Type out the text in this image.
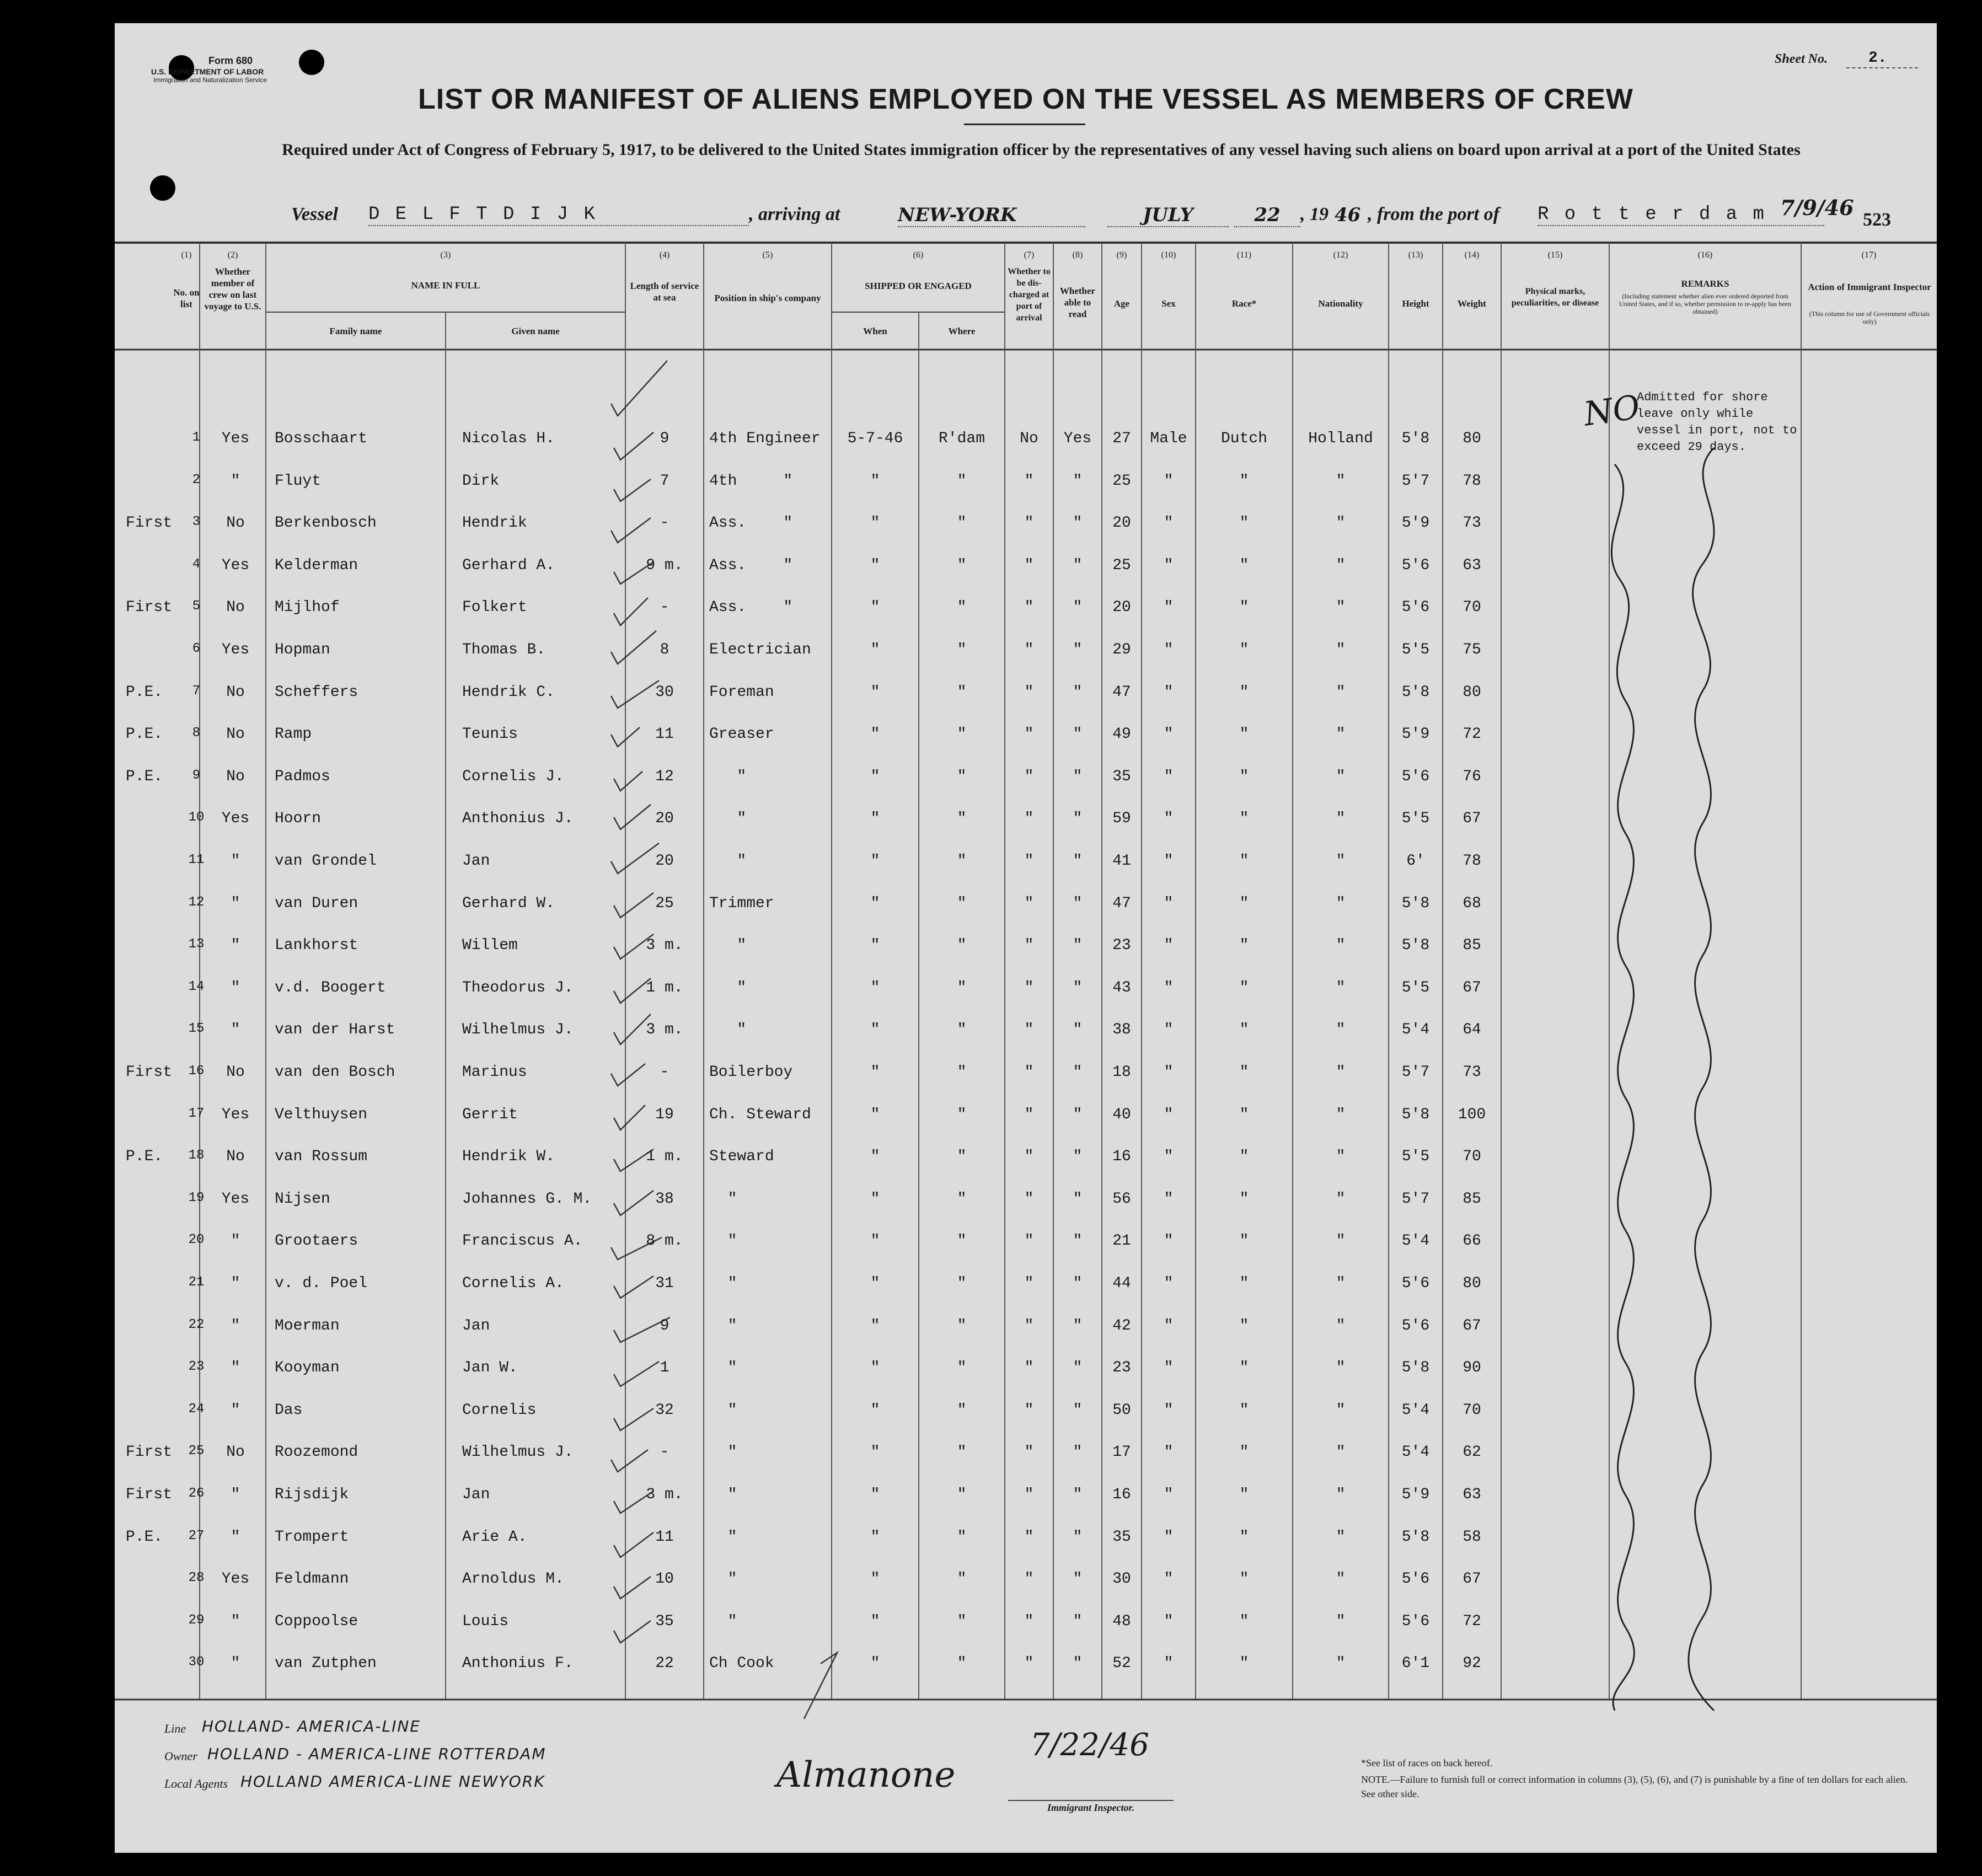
Form 680
U.S. DEPARTMENT OF LABOR
Immigration and Naturalization Service
Sheet No.	2.
LIST OR MANIFEST OF ALIENS EMPLOYED ON THE VESSEL AS MEMBERS OF CREW
Required under Act of Congress of February 5, 1917, to be delivered to the United States immigration officer by the representatives of any vessel having such aliens on board upon arrival at a port of the United States
Vessel D E L F T D I J K	, arriving at	NEW-YORK	JULY	22	, 19 46 , from the port of R o t t e r d a m 7/9/46 523
(1)	(2)	(3)	(4)	(5)	(6)	(7)	(8)	(9)	(10)	(11)	(12)	(13)	(14)	(15)	(16)	(17)
No. on list
Whether member of crew on last voyage to U.S.
NAME IN FULL
Family name	Given name
Length of service at sea	Position in ship's company
SHIPPED OR ENGAGED
When	Where
Whether to be dis-charged at port of arrival
Whether able to read
Age	Sex	Race*	Nationality	Height	Weight
Physical marks, peculiarities, or disease
REMARKS
(Including statement whether alien ever ordered deported from United States, and if so, whether permission to re-apply has been obtained)
Action of Immigrant Inspector
(This column for use of Government officials only)
1	Yes	Bosschaart	Nicolas H.	9	4th Engineer	5-7-46	R'dam	No	Yes	27	Male	Dutch	Holland	5'8	80
2	"	Fluyt	Dirk	7	4th     "	"	"	"	"	25	"	"	"	5'7	78
First	3	No	Berkenbosch	Hendrik	-	Ass.    "	"	"	"	"	20	"	"	"	5'9	73
4	Yes	Kelderman	Gerhard A.	9 m.	Ass.    "	"	"	"	"	25	"	"	"	5'6	63
First	5	No	Mijlhof	Folkert	-	Ass.    "	"	"	"	"	20	"	"	"	5'6	70
6	Yes	Hopman	Thomas B.	8	Electrician	"	"	"	"	29	"	"	"	5'5	75
P.E.	7	No	Scheffers	Hendrik C.	30	Foreman	"	"	"	"	47	"	"	"	5'8	80
P.E.	8	No	Ramp	Teunis	11	Greaser	"	"	"	"	49	"	"	"	5'9	72
P.E.	9	No	Padmos	Cornelis J.	12	"	"	"	"	"	35	"	"	"	5'6	76
10	Yes	Hoorn	Anthonius J.	20	"	"	"	"	"	59	"	"	"	5'5	67
11	"	van Grondel	Jan	20	"	"	"	"	"	41	"	"	"	6'	78
12	"	van Duren	Gerhard W.	25	Trimmer	"	"	"	"	47	"	"	"	5'8	68
13	"	Lankhorst	Willem	3 m.	"	"	"	"	"	23	"	"	"	5'8	85
14	"	v.d. Boogert	Theodorus J.	1 m.	"	"	"	"	"	43	"	"	"	5'5	67
15	"	van der Harst	Wilhelmus J.	3 m.	"	"	"	"	"	38	"	"	"	5'4	64
First	16	No	van den Bosch	Marinus	-	Boilerboy	"	"	"	"	18	"	"	"	5'7	73
17	Yes	Velthuysen	Gerrit	19	Ch. Steward	"	"	"	"	40	"	"	"	5'8	100
P.E.	18	No	van Rossum	Hendrik W.	1 m.	Steward	"	"	"	"	16	"	"	"	5'5	70
19	Yes	Nijsen	Johannes G. M.	38	"	"	"	"	"	56	"	"	"	5'7	85
20	"	Grootaers	Franciscus A.	8 m.	"	"	"	"	"	21	"	"	"	5'4	66
21	"	v. d. Poel	Cornelis A.	31	"	"	"	"	"	44	"	"	"	5'6	80
22	"	Moerman	Jan	9	"	"	"	"	"	42	"	"	"	5'6	67
23	"	Kooyman	Jan W.	1	"	"	"	"	"	23	"	"	"	5'8	90
24	"	Das	Cornelis	32	"	"	"	"	"	50	"	"	"	5'4	70
First	25	No	Roozemond	Wilhelmus J.	-	"	"	"	"	"	17	"	"	"	5'4	62
First	26	"	Rijsdijk	Jan	3 m.	"	"	"	"	"	16	"	"	"	5'9	63
P.E.	27	"	Trompert	Arie A.	11	"	"	"	"	"	35	"	"	"	5'8	58
28	Yes	Feldmann	Arnoldus M.	10	"	"	"	"	"	30	"	"	"	5'6	67
29	"	Coppoolse	Louis	35	"	"	"	"	"	48	"	"	"	5'6	72
30	"	van Zutphen	Anthonius F.	22	Ch Cook	"	"	"	"	52	"	"	"	6'1	92
NO
Admitted for shore leave only while vessel in port, not to exceed 29 days.
Line HOLLAND- AMERICA-LINE
Owner HOLLAND - AMERICA-LINE ROTTERDAM
Local Agents HOLLAND AMERICA-LINE NEWYORK	Almanone
7/22/46
Immigrant Inspector.
*See list of races on back hereof.
NOTE.—Failure to furnish full or correct information in columns (3), (5), (6), and (7) is punishable by a fine of ten dollars for each alien. See other side.
